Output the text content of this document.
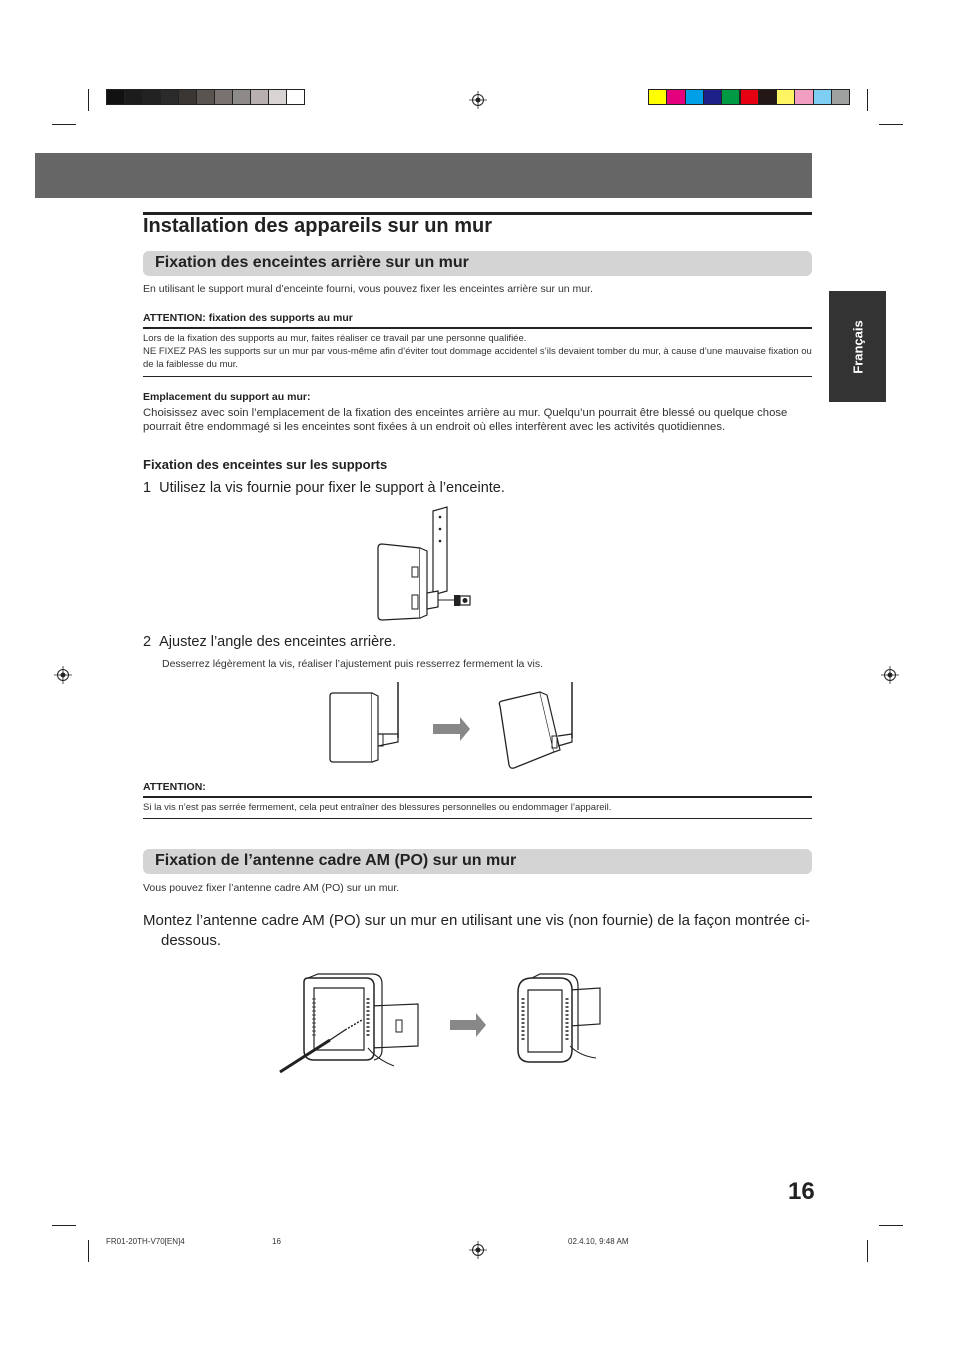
Français
Installation des appareils sur un mur
Fixation des enceintes arrière sur un mur
En utilisant le support mural d’enceinte fourni, vous pouvez fixer les enceintes arrière sur un mur.
ATTENTION: fixation des supports au mur
Lors de la fixation des supports au mur, faites réaliser ce travail par une personne qualifiée.
NE FIXEZ PAS les supports sur un mur par vous-même afin d’éviter tout dommage accidentel s’ils devaient tomber du mur, à cause d’une mauvaise fixation ou de la faiblesse du mur.
Emplacement du support au mur:
Choisissez avec soin l’emplacement de la fixation des enceintes arrière au mur. Quelqu’un pourrait être blessé ou quelque chose pourrait être endommagé si les enceintes sont fixées à un endroit où elles interfèrent avec les activités quotidiennes.
Fixation des enceintes sur les supports
1 Utilisez la vis fournie pour fixer le support à l’enceinte.
2 Ajustez l’angle des enceintes arrière.
Desserrez légèrement la vis, réaliser l’ajustement puis resserrez fermement la vis.
ATTENTION:
Si la vis n’est pas serrée fermement, cela peut entraîner des blessures personnelles ou endommager l’appareil.
Fixation de l’antenne cadre AM (PO) sur un mur
Vous pouvez fixer l’antenne cadre AM (PO) sur un mur.
Montez l’antenne cadre AM (PO) sur un mur en utilisant une vis (non fournie) de la façon montrée ci-
dessous.
16
FR01-20TH-V70[EN]4	16	02.4.10, 9:48 AM
